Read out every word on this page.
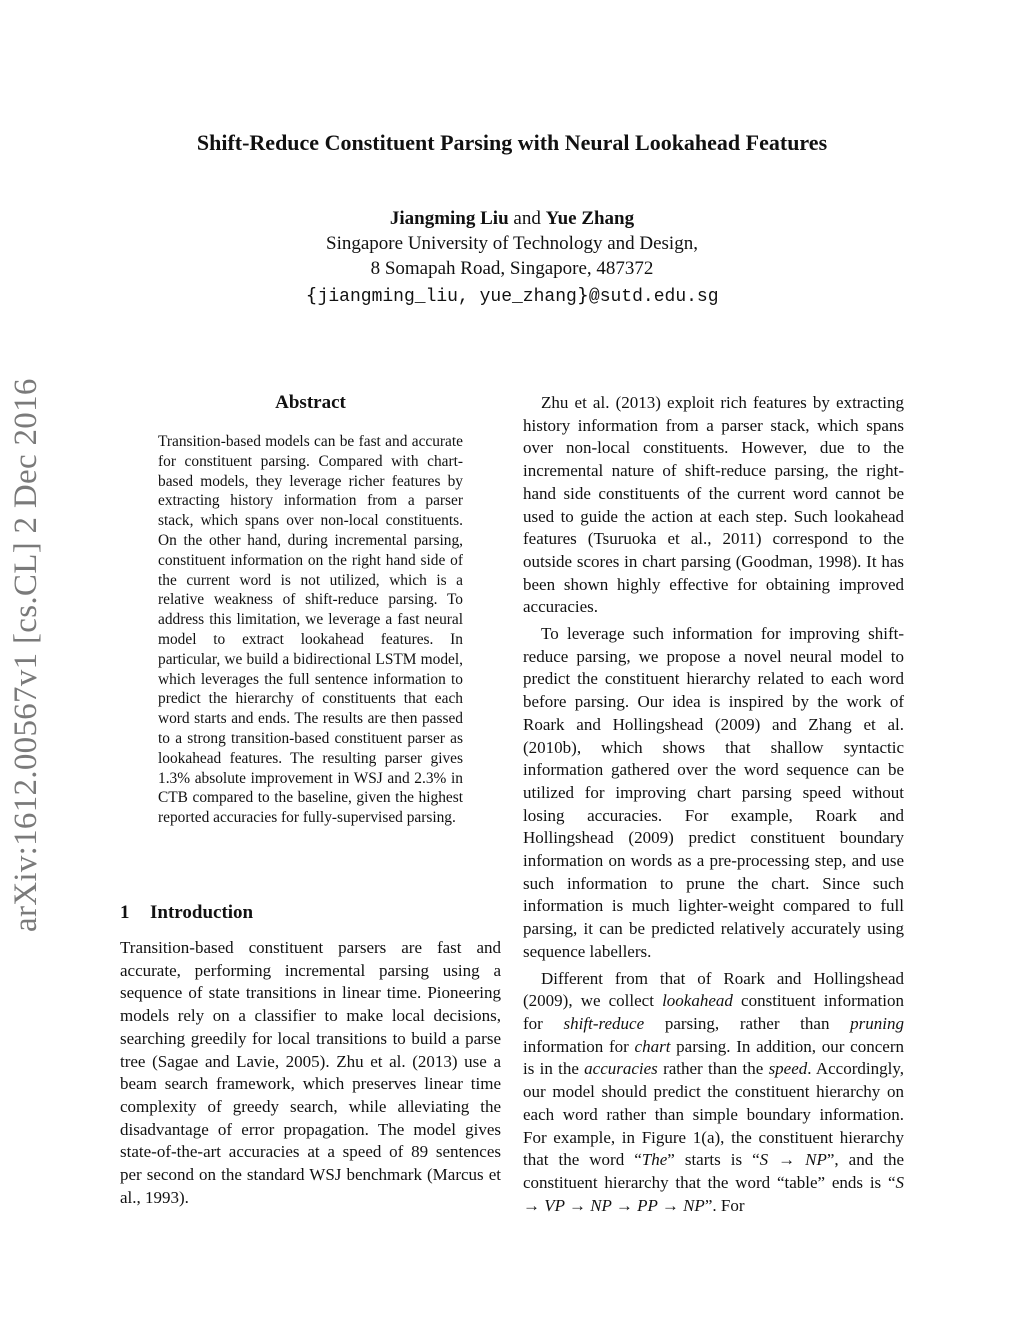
Shift-Reduce Constituent Parsing with Neural Lookahead Features
Jiangming Liu and Yue Zhang
Singapore University of Technology and Design,
8 Somapah Road, Singapore, 487372
{jiangming_liu, yue_zhang}@sutd.edu.sg
arXiv:1612.00567v1 [cs.CL] 2 Dec 2016	Abstract

Transition-based models can be fast and accurate for constituent parsing. Compared with chart-based models, they leverage richer features by extracting history information from a parser stack, which spans over non-local constituents. On the other hand, during incremental parsing, constituent information on the right hand side of the current word is not utilized, which is a relative weakness of shift-reduce parsing. To address this limitation, we leverage a fast neural model to extract lookahead features. In particular, we build a bidirectional LSTM model, which leverages the full sentence information to predict the hierarchy of constituents that each word starts and ends. The results are then passed to a strong transition-based constituent parser as lookahead features. The resulting parser gives 1.3% absolute improvement in WSJ and 2.3% in CTB compared to the baseline, given the highest reported accuracies for fully-supervised parsing.

1 Introduction

Transition-based constituent parsers are fast and accurate, performing incremental parsing using a sequence of state transitions in linear time. Pioneering models rely on a classifier to make local decisions, searching greedily for local transitions to build a parse tree (Sagae and Lavie, 2005). Zhu et al. (2013) use a beam search framework, which preserves linear time complexity of greedy search, while alleviating the disadvantage of error propagation. The model gives state-of-the-art accuracies at a speed of 89 sentences per second on the standard WSJ benchmark (Marcus et al., 1993).

Zhu et al. (2013) exploit rich features by extracting history information from a parser stack, which spans over non-local constituents. However, due to the incremental nature of shift-reduce parsing, the right-hand side constituents of the current word cannot be used to guide the action at each step. Such lookahead features (Tsuruoka et al., 2011) correspond to the outside scores in chart parsing (Goodman, 1998). It has been shown highly effective for obtaining improved accuracies.

To leverage such information for improving shift-reduce parsing, we propose a novel neural model to predict the constituent hierarchy related to each word before parsing. Our idea is inspired by the work of Roark and Hollingshead (2009) and Zhang et al. (2010b), which shows that shallow syntactic information gathered over the word sequence can be utilized for improving chart parsing speed without losing accuracies. For example, Roark and Hollingshead (2009) predict constituent boundary information on words as a pre-processing step, and use such information to prune the chart. Since such information is much lighter-weight compared to full parsing, it can be predicted relatively accurately using sequence labellers.

Different from that of Roark and Hollingshead (2009), we collect lookahead constituent information for shift-reduce parsing, rather than pruning information for chart parsing. In addition, our concern is in the accuracies rather than the speed. Accordingly, our model should predict the constituent hierarchy on each word rather than simple boundary information. For example, in Figure 1(a), the constituent hierarchy that the word “The” starts is “S → NP”, and the constituent hierarchy that the word “table” ends is “S → VP → NP → PP → NP”. For
